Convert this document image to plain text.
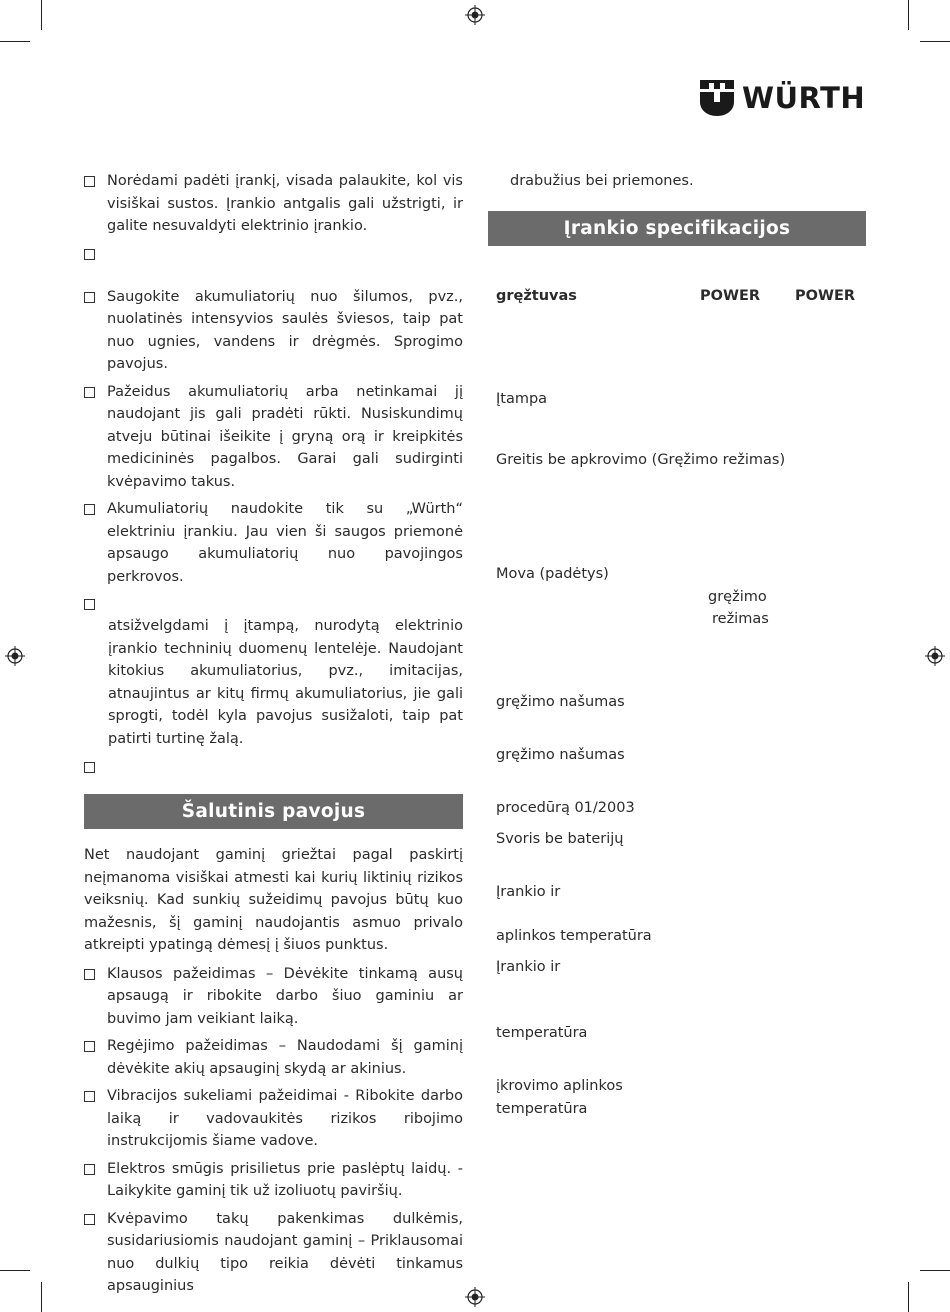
WÜRTH
Norėdami padėti įrankį, visada palaukite, kol vis visiškai sustos. Įrankio antgalis gali užstrigti, ir galite nesuvaldyti elektrinio įrankio.
Saugokite akumuliatorių nuo šilumos, pvz., nuolatinės intensyvios saulės šviesos, taip pat nuo ugnies, vandens ir drėgmės. Sprogimo pavojus.
Pažeidus akumuliatorių arba netinkamai jį naudojant jis gali pradėti rūkti. Nusiskundimų atveju būtinai išeikite į gryną orą ir kreipkitės medicininės pagalbos. Garai gali sudirginti kvėpavimo takus.
Akumuliatorių naudokite tik su „Würth“ elektriniu įrankiu. Jau vien ši saugos priemonė apsaugo akumuliatorių nuo pavojingos perkrovos.
atsižvelgdami į įtampą, nurodytą elektrinio įrankio techninių duomenų lentelėje. Naudojant kitokius akumuliatorius, pvz., imitacijas, atnaujintus ar kitų firmų akumuliatorius, jie gali sprogti, todėl kyla pavojus susižaloti, taip pat patirti turtinę žalą.
Šalutinis pavojus

Net naudojant gaminį griežtai pagal paskirtį neįmanoma visiškai atmesti kai kurių liktinių rizikos veiksnių. Kad sunkių sužeidimų pavojus būtų kuo mažesnis, šį gaminį naudojantis asmuo privalo atkreipti ypatingą dėmesį į šiuos punktus.

Klausos pažeidimas – Dėvėkite tinkamą ausų apsaugą ir ribokite darbo šiuo gaminiu ar buvimo jam veikiant laiką.
Regėjimo pažeidimas – Naudodami šį gaminį dėvėkite akių apsauginį skydą ar akinius.
Vibracijos sukeliami pažeidimai - Ribokite darbo laiką ir vadovaukitės rizikos ribojimo instrukcijomis šiame vadove.
Elektros smūgis prisilietus prie paslėptų laidų. - Laikykite gaminį tik už izoliuotų paviršių.
Kvėpavimo takų pakenkimas dulkėmis, susidariusiomis naudojant gaminį – Priklausomai nuo dulkių tipo reikia dėvėti tinkamus apsauginius
drabužius bei priemones.
Įrankio specifikacijos
gręžtuvas	POWER POWER
Įtampa
Greitis be apkrovimo (Gręžimo režimas)
Mova (padėtys)
gręžimo
režimas
gręžimo našumas
gręžimo našumas
procedūrą 01/2003
Svoris be baterijų
Įrankio ir
aplinkos temperatūra
Įrankio ir
temperatūra
įkrovimo aplinkos
temperatūra
